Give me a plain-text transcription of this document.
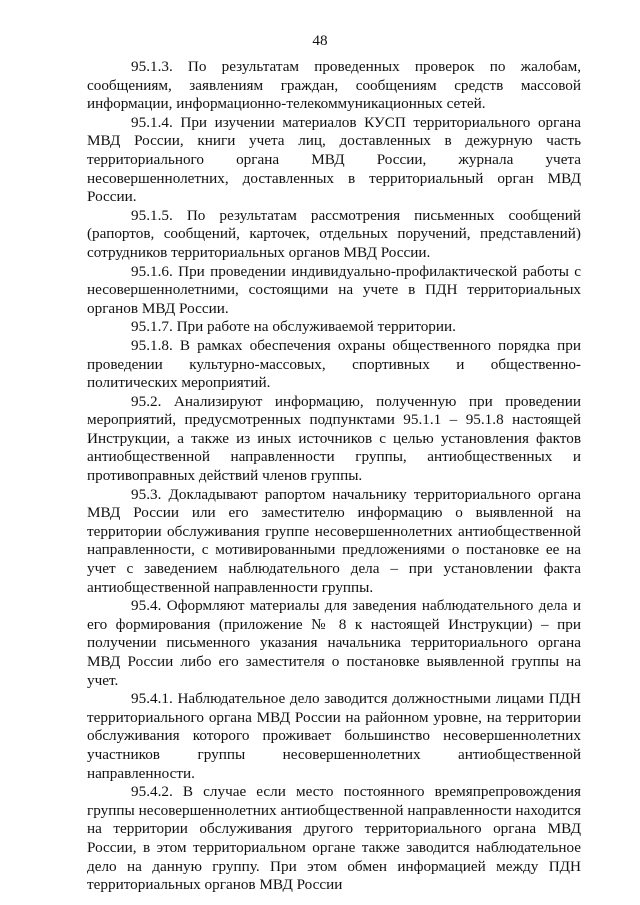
48

95.1.3. По результатам проведенных проверок по жалобам, сообщениям, заявлениям граждан, сообщениям средств массовой информации, информационно-телекоммуникационных сетей.

95.1.4. При изучении материалов КУСП территориального органа МВД России, книги учета лиц, доставленных в дежурную часть территориального органа МВД России, журнала учета несовершеннолетних, доставленных в территориальный орган МВД России.

95.1.5. По результатам рассмотрения письменных сообщений (рапортов, сообщений, карточек, отдельных поручений, представлений) сотрудников территориальных органов МВД России.

95.1.6. При проведении индивидуально-профилактической работы с несовершеннолетними, состоящими на учете в ПДН территориальных органов МВД России.

95.1.7. При работе на обслуживаемой территории.

95.1.8. В рамках обеспечения охраны общественного порядка при проведении культурно-массовых, спортивных и общественно-политических мероприятий.

95.2. Анализируют информацию, полученную при проведении мероприятий, предусмотренных подпунктами 95.1.1 – 95.1.8 настоящей Инструкции, а также из иных источников с целью установления фактов антиобщественной направленности группы, антиобщественных и противоправных действий членов группы.

95.3. Докладывают рапортом начальнику территориального органа МВД России или его заместителю информацию о выявленной на территории обслуживания группе несовершеннолетних антиобщественной направленности, с мотивированными предложениями о постановке ее на учет с заведением наблюдательного дела – при установлении факта антиобщественной направленности группы.

95.4. Оформляют материалы для заведения наблюдательного дела и его формирования (приложение № 8 к настоящей Инструкции) – при получении письменного указания начальника территориального органа МВД России либо его заместителя о постановке выявленной группы на учет.

95.4.1. Наблюдательное дело заводится должностными лицами ПДН территориального органа МВД России на районном уровне, на территории обслуживания которого проживает большинство несовершеннолетних участников группы несовершеннолетних антиобщественной направленности.

95.4.2. В случае если место постоянного времяпрепровождения группы несовершеннолетних антиобщественной направленности находится на территории обслуживания другого территориального органа МВД России, в этом территориальном органе также заводится наблюдательное дело на данную группу. При этом обмен информацией между ПДН территориальных органов МВД России
